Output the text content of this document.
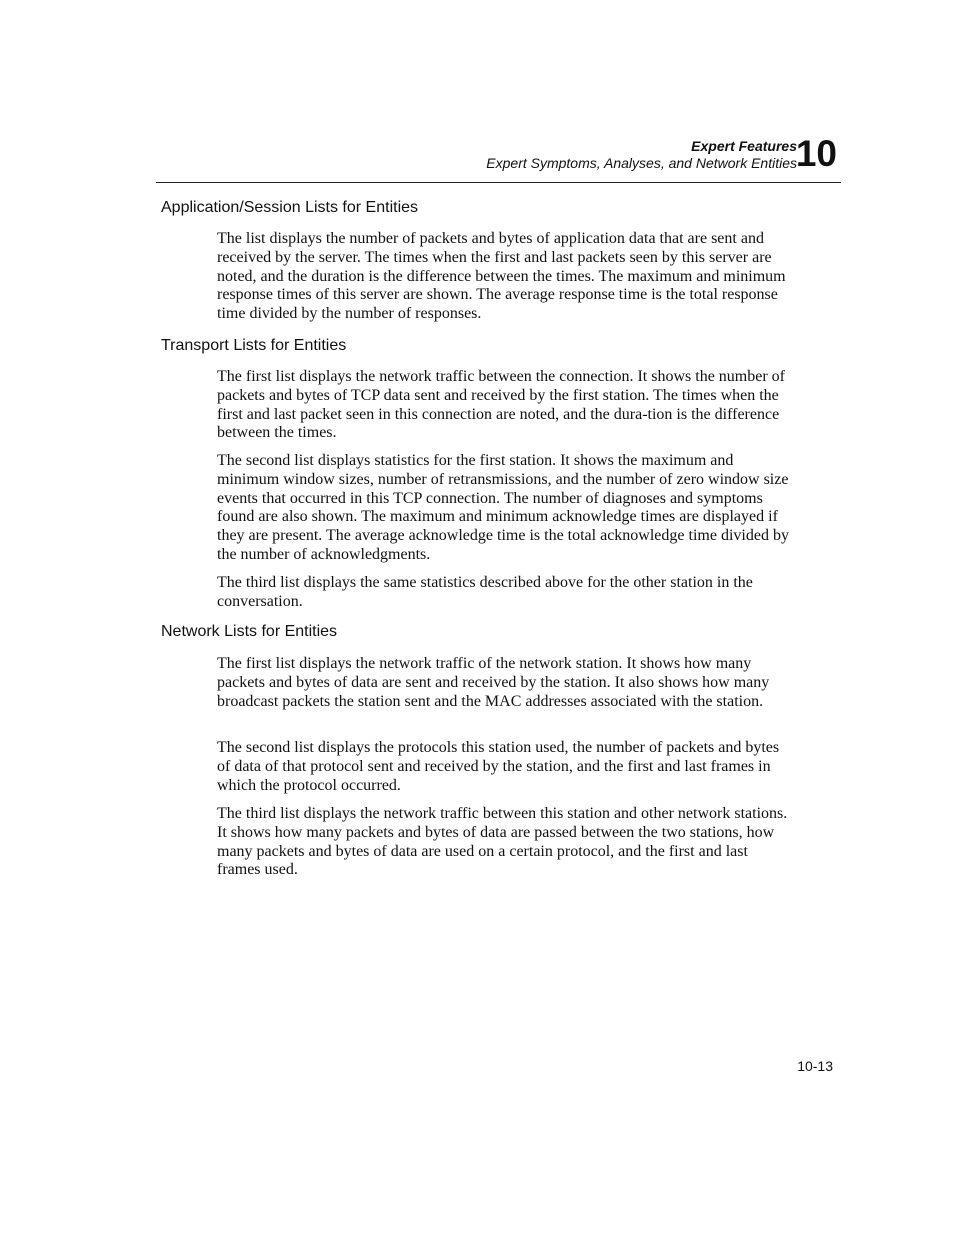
Expert Features
Expert Symptoms, Analyses, and Network Entities
10
Application/Session Lists for Entities

The list displays the number of packets and bytes of application data that are sent and received by the server. The times when the first and last packets seen by this server are noted, and the duration is the difference between the times. The maximum and minimum response times of this server are shown. The average response time is the total response time divided by the number of responses.

Transport Lists for Entities

The first list displays the network traffic between the connection. It shows the number of packets and bytes of TCP data sent and received by the first station. The times when the first and last packet seen in this connection are noted, and the dura-tion is the difference between the times.

The second list displays statistics for the first station. It shows the maximum and minimum window sizes, number of retransmissions, and the number of zero window size events that occurred in this TCP connection. The number of diagnoses and symptoms found are also shown. The maximum and minimum acknowledge times are displayed if they are present. The average acknowledge time is the total acknowledge time divided by the number of acknowledgments.

The third list displays the same statistics described above for the other station in the conversation.

Network Lists for Entities

The first list displays the network traffic of the network station. It shows how many packets and bytes of data are sent and received by the station. It also shows how many broadcast packets the station sent and the MAC addresses associated with the station.

The second list displays the protocols this station used, the number of packets and bytes of data of that protocol sent and received by the station, and the first and last frames in which the protocol occurred.

The third list displays the network traffic between this station and other network stations. It shows how many packets and bytes of data are passed between the two stations, how many packets and bytes of data are used on a certain protocol, and the first and last frames used.

10-13
